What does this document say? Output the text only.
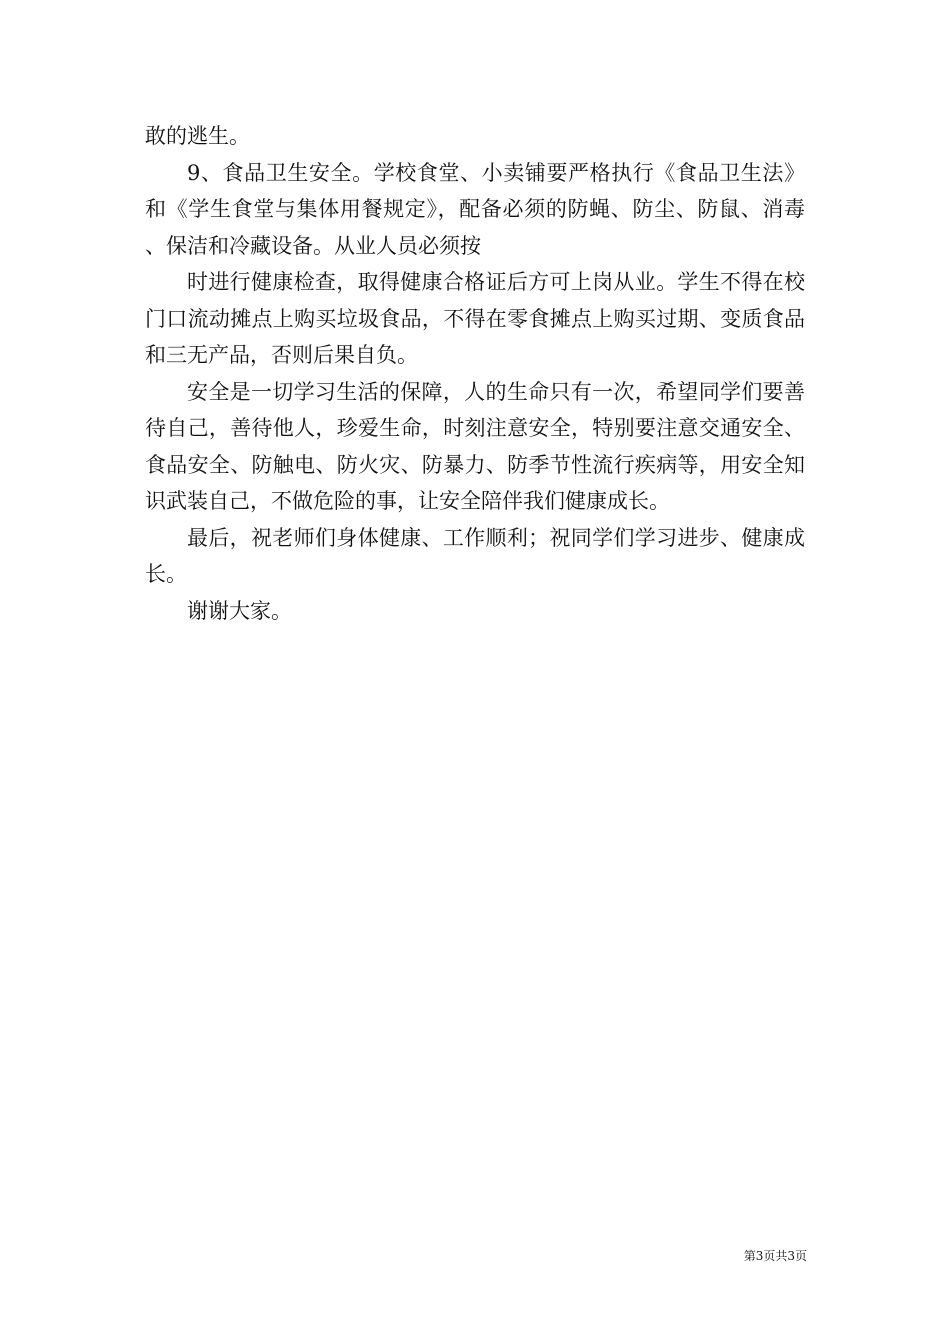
敢的逃生。

9、食品卫生安全。学校食堂、小卖铺要严格执行《食品卫生法》和《学生食堂与集体用餐规定》，配备必须的防蝇、防尘、防鼠、消毒、保洁和冷藏设备。从业人员必须按

时进行健康检查，取得健康合格证后方可上岗从业。学生不得在校门口流动摊点上购买垃圾食品，不得在零食摊点上购买过期、变质食品和三无产品，否则后果自负。

安全是一切学习生活的保障，人的生命只有一次，希望同学们要善待自己，善待他人，珍爱生命，时刻注意安全，特别要注意交通安全、食品安全、防触电、防火灾、防暴力、防季节性流行疾病等，用安全知识武装自己，不做危险的事，让安全陪伴我们健康成长。

最后，祝老师们身体健康、工作顺利；祝同学们学习进步、健康成长。

谢谢大家。

第3页共3页
